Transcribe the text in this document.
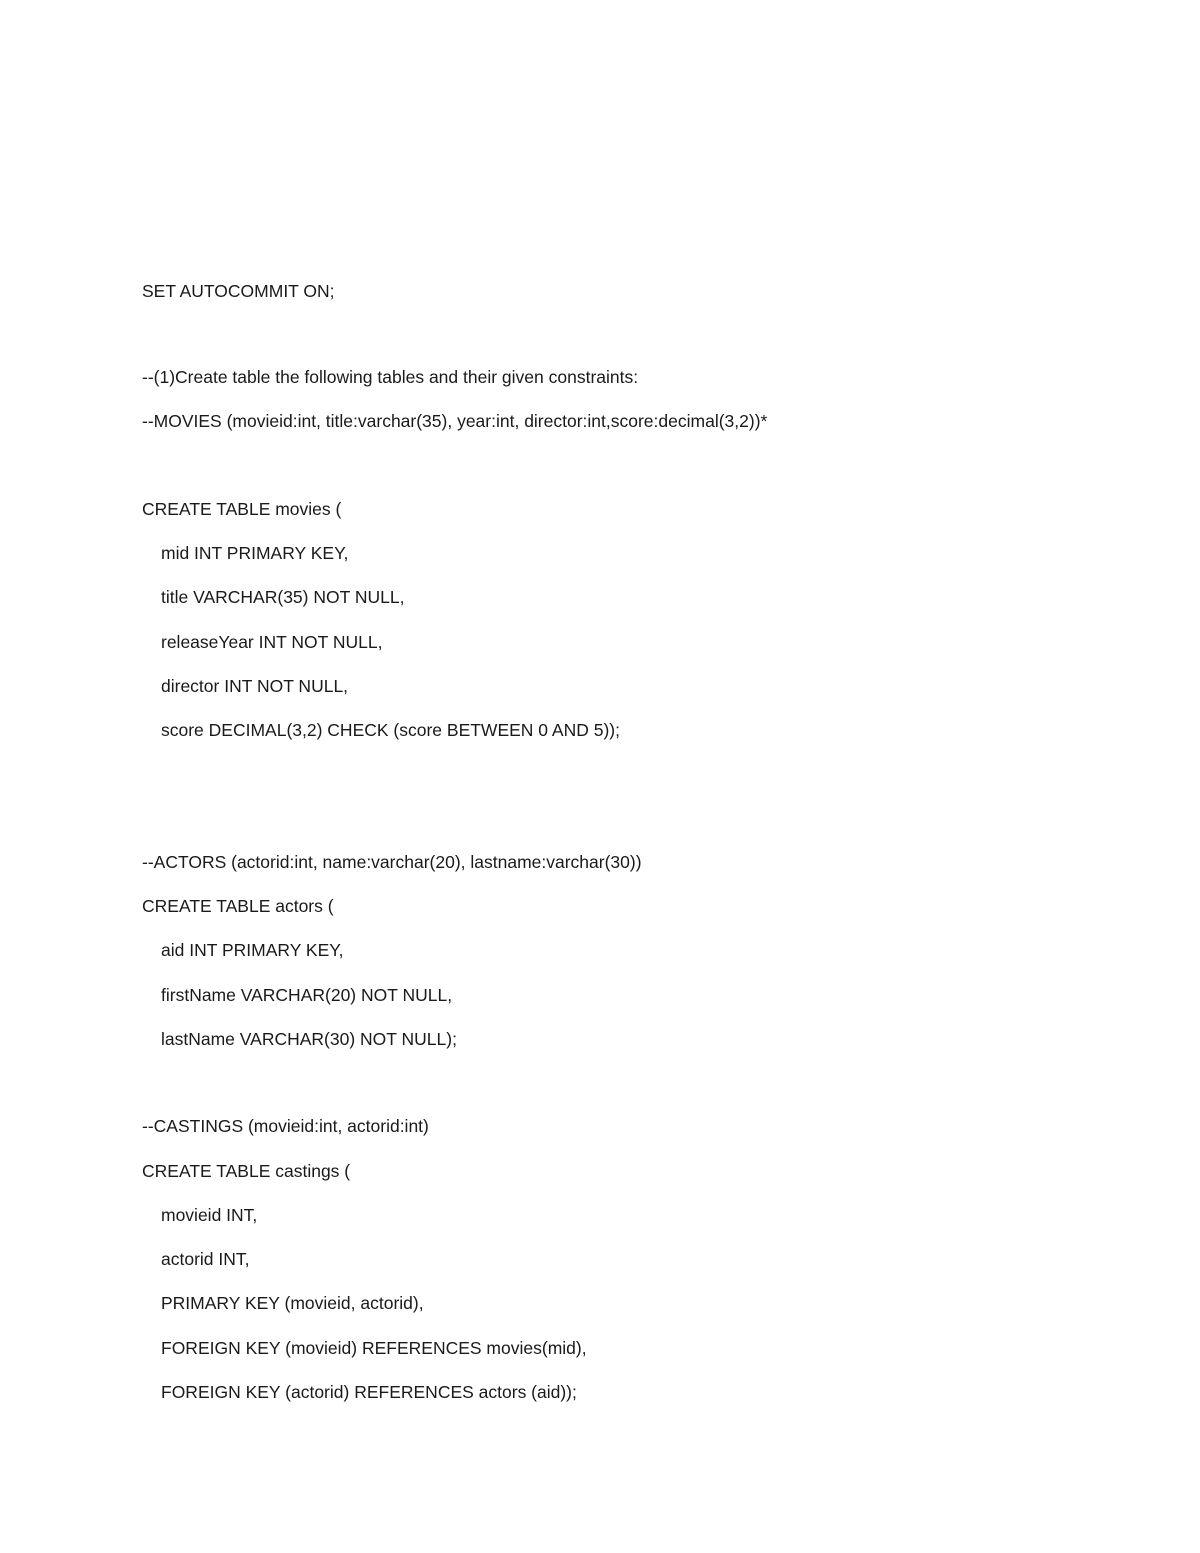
SET AUTOCOMMIT ON;
--(1)Create table the following tables and their given constraints:
--MOVIES (movieid:int, title:varchar(35), year:int, director:int,score:decimal(3,2))*
CREATE TABLE movies (
mid INT PRIMARY KEY,
title VARCHAR(35) NOT NULL,
releaseYear INT NOT NULL,
director INT NOT NULL,
score DECIMAL(3,2) CHECK (score BETWEEN 0 AND 5));
--ACTORS (actorid:int, name:varchar(20), lastname:varchar(30))
CREATE TABLE actors (
aid INT PRIMARY KEY,
firstName VARCHAR(20) NOT NULL,
lastName VARCHAR(30) NOT NULL);
--CASTINGS (movieid:int, actorid:int)
CREATE TABLE castings (
movieid INT,
actorid INT,
PRIMARY KEY (movieid, actorid),
FOREIGN KEY (movieid) REFERENCES movies(mid),
FOREIGN KEY (actorid) REFERENCES actors (aid));
